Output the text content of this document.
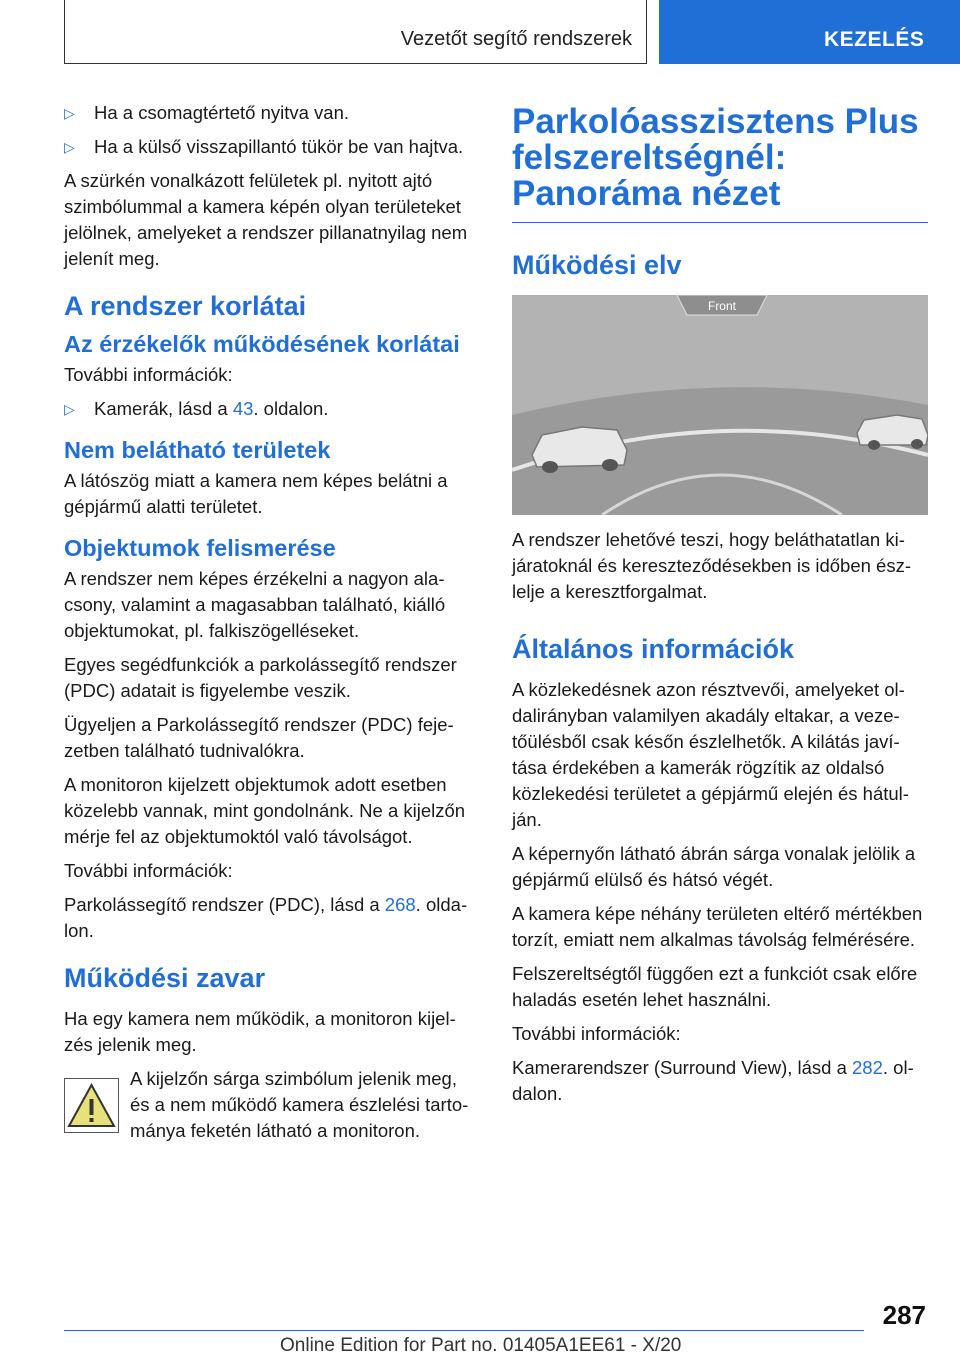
Vezetőt segítő rendszerek	KEZELÉS
▷ Ha a csomagtértető nyitva van.
▷ Ha a külső visszapillantó tükör be van hajtva.

A szürkén vonalkázott felületek pl. nyitott ajtó szimbólummal a kamera képén olyan területeket jelölnek, amelyeket a rendszer pillanatnyilag nem jelenít meg.

A rendszer korlátai
Az érzékelők működésének korlátai

További információk:

▷ Kamerák, lásd a 43. oldalon.
Nem belátható területek

A látószög miatt a kamera nem képes belátni a gépjármű alatti területet.

Objektumok felismerése

A rendszer nem képes érzékelni a nagyon alacsony, valamint a magasabban található, kiálló objektumokat, pl. falkiszögelléseket.

Egyes segédfunkciók a parkolássegítő rendszer (PDC) adatait is figyelembe veszik.

Ügyeljen a Parkolássegítő rendszer (PDC) fejezetben található tudnivalókra.

A monitoron kijelzett objektumok adott esetben közelebb vannak, mint gondolnánk. Ne a kijelzőn mérje fel az objektumoktól való távolságot.

További információk:

Parkolássegítő rendszer (PDC), lásd a 268. oldalon.

Működési zavar

Ha egy kamera nem működik, a monitoron kijelzés jelenik meg.

A kijelzőn sárga szimbólum jelenik meg, és a nem működő kamera észlelési tartománya feketén látható a monitoron.
Parkolóasszisztens Plus felszereltségnél: Panoráma nézet
Működési elv
Front

A rendszer lehetővé teszi, hogy beláthatatlan kijáratoknál és kereszteződésekben is időben észlelje a keresztforgalmat.

Általános információk

A közlekedésnek azon résztvevői, amelyeket oldalirányban valamilyen akadály eltakar, a vezetőülésből csak későn észlelhetők. A kilátás javítása érdekében a kamerák rögzítik az oldalsó közlekedési területet a gépjármű elején és hátulján.

A képernyőn látható ábrán sárga vonalak jelölik a gépjármű elülső és hátsó végét.

A kamera képe néhány területen eltérő mértékben torzít, emiatt nem alkalmas távolság felmérésére.

Felszereltségtől függően ezt a funkciót csak előre haladás esetén lehet használni.

További információk:

Kamerarendszer (Surround View), lásd a 282. oldalon.

287
Online Edition for Part no. 01405A1EE61 - X/20
